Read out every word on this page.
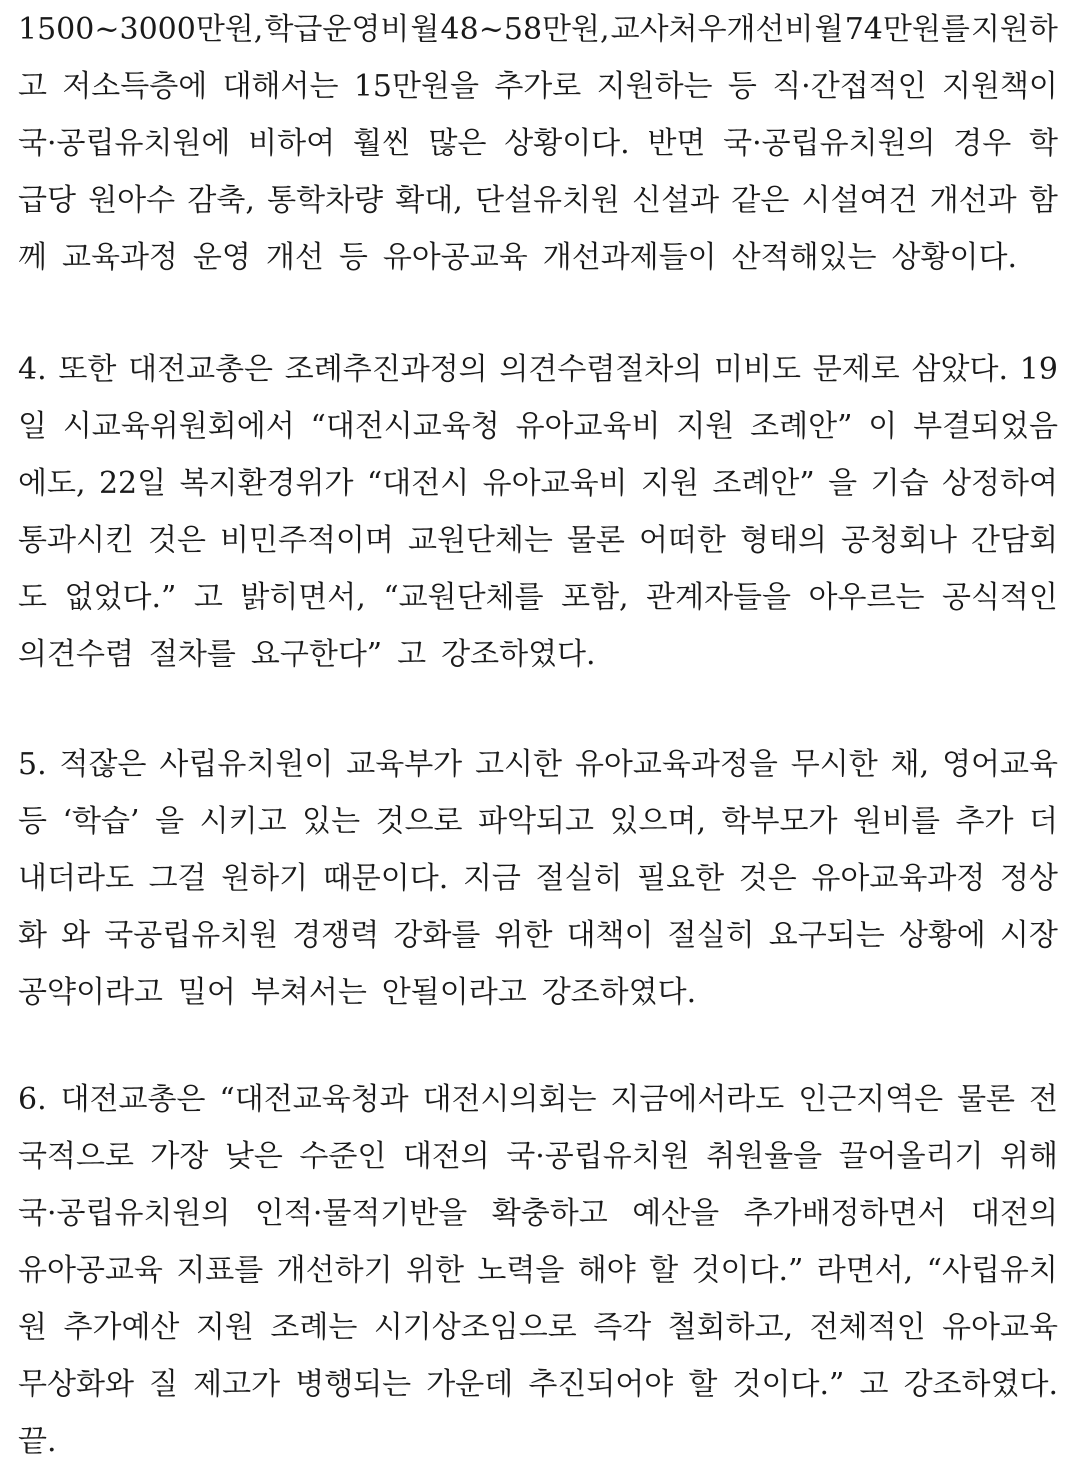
1500~3000만원, 학급운영비 월 48~58만원, 교사처우개선비 월 74만원를 지원하
고 저소득층에 대해서는 15만원을 추가로 지원하는 등 직·간접적인 지원책이
국·공립유치원에 비하여 훨씬 많은 상황이다. 반면 국·공립유치원의 경우 학
급당 원아수 감축, 통학차량 확대, 단설유치원 신설과 같은 시설여건 개선과 함
께 교육과정 운영 개선 등 유아공교육 개선과제들이 산적해있는 상황이다.
4. 또한 대전교총은 조례추진과정의 의견수렴절차의 미비도 문제로 삼았다. 19
일 시교육위원회에서 “대전시교육청 유아교육비 지원 조례안” 이 부결되었음
에도, 22일 복지환경위가 “대전시 유아교육비 지원 조례안” 을 기습 상정하여
통과시킨 것은 비민주적이며 교원단체는 물론 어떠한 형태의 공청회나 간담회
도 없었다.” 고 밝히면서, “교원단체를 포함, 관계자들을 아우르는 공식적인
의견수렴 절차를 요구한다” 고 강조하였다.
5. 적잖은 사립유치원이 교육부가 고시한 유아교육과정을 무시한 채, 영어교육
등 ‘학습’ 을 시키고 있는 것으로 파악되고 있으며, 학부모가 원비를 추가 더
내더라도 그걸 원하기 때문이다. 지금 절실히 필요한 것은 유아교육과정 정상
화 와 국공립유치원 경쟁력 강화를 위한 대책이 절실히 요구되는 상황에 시장
공약이라고 밀어 부쳐서는 안될이라고 강조하였다.
6. 대전교총은 “대전교육청과 대전시의회는 지금에서라도 인근지역은 물론 전
국적으로 가장 낮은 수준인 대전의 국·공립유치원 취원율을 끌어올리기 위해
국·공립유치원의 인적·물적기반을 확충하고 예산을 추가배정하면서 대전의
유아공교육 지표를 개선하기 위한 노력을 해야 할 것이다.” 라면서, “사립유치
원 추가예산 지원 조례는 시기상조임으로 즉각 철회하고, 전체적인 유아교육
무상화와 질 제고가 병행되는 가운데 추진되어야 할 것이다.” 고 강조하였다.
끝.
